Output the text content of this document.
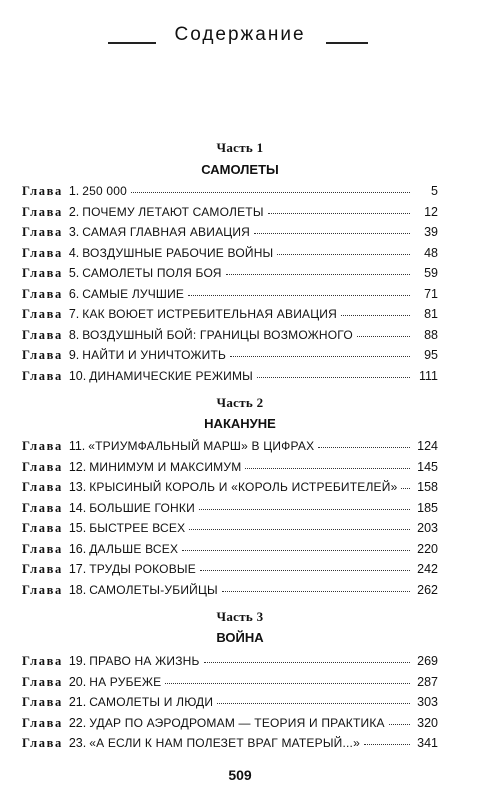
Содержание
Часть 1
САМОЛЕТЫ
Глава 1. 250 000	5
Глава 2. ПОЧЕМУ ЛЕТАЮТ САМОЛЕТЫ	12
Глава 3. САМАЯ ГЛАВНАЯ АВИАЦИЯ	39
Глава 4. ВОЗДУШНЫЕ РАБОЧИЕ ВОЙНЫ	48
Глава 5. САМОЛЕТЫ ПОЛЯ БОЯ	59
Глава 6. САМЫЕ ЛУЧШИЕ	71
Глава 7. КАК ВОЮЕТ ИСТРЕБИТЕЛЬНАЯ АВИАЦИЯ	81
Глава 8. ВОЗДУШНЫЙ БОЙ: ГРАНИЦЫ ВОЗМОЖНОГО	88
Глава 9. НАЙТИ И УНИЧТОЖИТЬ	95
Глава 10. ДИНАМИЧЕСКИЕ РЕЖИМЫ	111
Часть 2
НАКАНУНЕ
Глава 11. «ТРИУМФАЛЬНЫЙ МАРШ» В ЦИФРАХ	124
Глава 12. МИНИМУМ И МАКСИМУМ	145
Глава 13. КРЫСИНЫЙ КОРОЛЬ И «КОРОЛЬ ИСТРЕБИТЕЛЕЙ» 158
Глава 14. БОЛЬШИЕ ГОНКИ	185
Глава 15. БЫСТРЕЕ ВСЕХ	203
Глава 16. ДАЛЬШЕ ВСЕХ	220
Глава 17. ТРУДЫ РОКОВЫЕ	242
Глава 18. САМОЛЕТЫ-УБИЙЦЫ	262
Часть 3
ВОЙНА
Глава 19. ПРАВО НА ЖИЗНЬ	269
Глава 20. НА РУБЕЖЕ	287
Глава 21. САМОЛЕТЫ И ЛЮДИ	303
Глава 22. УДАР ПО АЭРОДРОМАМ — ТЕОРИЯ И ПРАКТИКА	320
Глава 23. «А ЕСЛИ К НАМ ПОЛЕЗЕТ ВРАГ МАТЕРЫЙ...»	341
509
